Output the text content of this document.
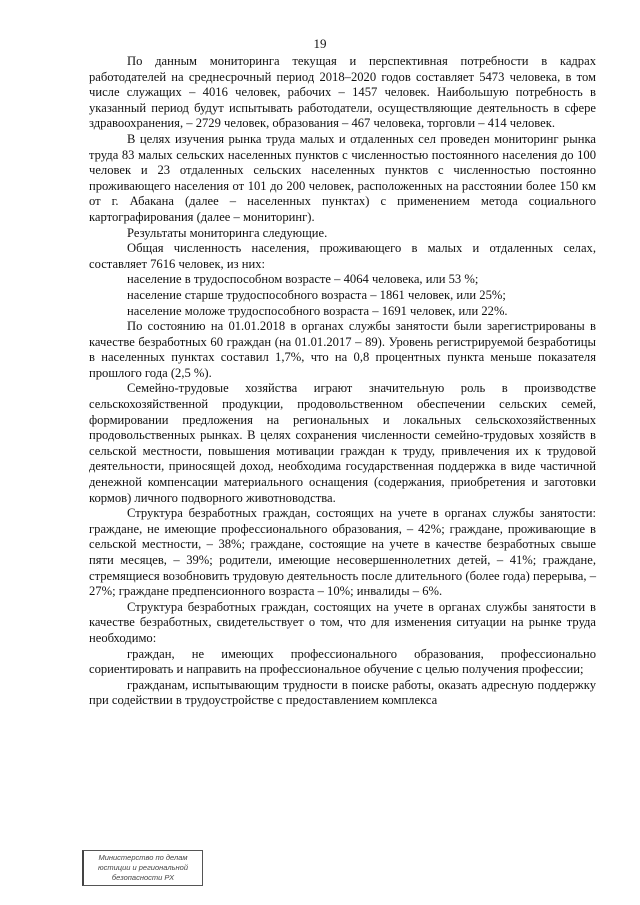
19

По данным мониторинга текущая и перспективная потребности в кадрах работодателей на среднесрочный период 2018–2020 годов составляет 5473 человека, в том числе служащих – 4016 человек, рабочих – 1457 человек. Наибольшую потребность в указанный период будут испытывать работодатели, осуществляющие деятельность в сфере здравоохранения, – 2729 человек, образования – 467 человека, торговли – 414 человек.

В целях изучения рынка труда малых и отдаленных сел проведен мониторинг рынка труда 83 малых сельских населенных пунктов с численностью постоянного населения до 100 человек и 23 отдаленных сельских населенных пунктов с численностью постоянно проживающего населения от 101 до 200 человек, расположенных на расстоянии более 150 км от г. Абакана (далее – населенных пунктах) с применением метода социального картографирования (далее – мониторинг).

Результаты мониторинга следующие.

Общая численность населения, проживающего в малых и отдаленных селах, составляет 7616 человек, из них:

население в трудоспособном возрасте – 4064 человека, или 53 %;

население старше трудоспособного возраста – 1861 человек, или 25%;

население моложе трудоспособного возраста – 1691 человек, или 22%.

По состоянию на 01.01.2018 в органах службы занятости были зарегистрированы в качестве безработных 60 граждан (на 01.01.2017 – 89). Уровень регистрируемой безработицы в населенных пунктах составил 1,7%, что на 0,8 процентных пункта меньше показателя прошлого года (2,5 %).

Семейно-трудовые хозяйства играют значительную роль в производстве сельскохозяйственной продукции, продовольственном обеспечении сельских семей, формировании предложения на региональных и локальных сельскохозяйственных продовольственных рынках. В целях сохранения численности семейно-трудовых хозяйств в сельской местности, повышения мотивации граждан к труду, привлечения их к трудовой деятельности, приносящей доход, необходима государственная поддержка в виде частичной денежной компенсации материального оснащения (содержания, приобретения и заготовки кормов) личного подворного животноводства.

Структура безработных граждан, состоящих на учете в органах службы занятости: граждане, не имеющие профессионального образования, – 42%; граждане, проживающие в сельской местности, – 38%; граждане, состоящие на учете в качестве безработных свыше пяти месяцев, – 39%; родители, имеющие несовершеннолетних детей, – 41%; граждане, стремящиеся возобновить трудовую деятельность после длительного (более года) перерыва, – 27%; граждане предпенсионного возраста – 10%; инвалиды – 6%.

Структура безработных граждан, состоящих на учете в органах службы занятости в качестве безработных, свидетельствует о том, что для изменения ситуации на рынке труда необходимо:

граждан, не имеющих профессионального образования, профессионально сориентировать и направить на профессиональное обучение с целью получения профессии;

гражданам, испытывающим трудности в поиске работы, оказать адресную поддержку при содействии в трудоустройстве с предоставлением комплекса

Министерство по делам
юстиции и региональной
безопасности РХ
